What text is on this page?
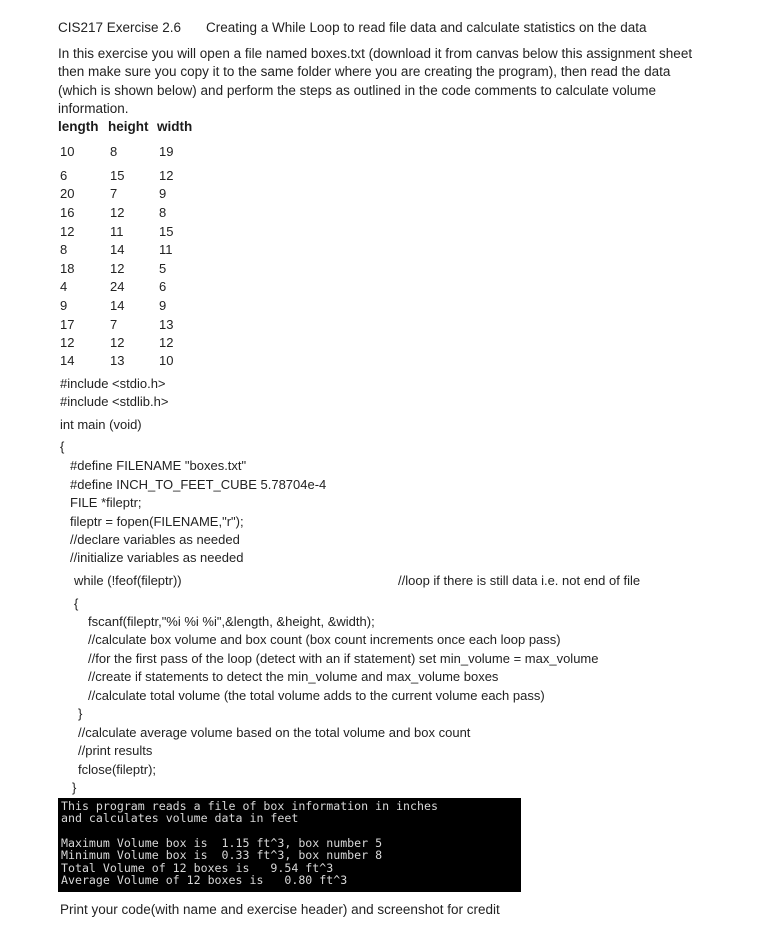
CIS217 Exercise 2.6 Creating a While Loop to read file data and calculate statistics on the data
In this exercise you will open a file named boxes.txt (download it from canvas below this assignment sheet then make sure you copy it to the same folder where you are creating the program), then read the data (which is shown below) and perform the steps as outlined in the code comments to calculate volume information.
length height width
10	8	19
6	15	12
20	7	9
16	12	8
12	11	15
8	14	11
18	12	5
4	24	6
9	14	9
17	7	13
12	12	12
14	13	10
#include <stdio.h>
#include <stdlib.h>
int main (void)
{
#define FILENAME "boxes.txt"
#define INCH_TO_FEET_CUBE 5.78704e-4
FILE *fileptr;
fileptr = fopen(FILENAME,"r");
//declare variables as needed
//initialize variables as needed
while (!feof(fileptr))	//loop if there is still data i.e. not end of file
{
fscanf(fileptr,"%i %i %i",&length, &height, &width);
//calculate box volume and box count (box count increments once each loop pass)
//for the first pass of the loop (detect with an if statement) set min_volume = max_volume
//create if statements to detect the min_volume and max_volume boxes
//calculate total volume (the total volume adds to the current volume each pass)
}
//calculate average volume based on the total volume and box count
//print results
fclose(fileptr);
}
This program reads a file of box information in inches
and calculates volume data in feet
Maximum Volume box is  1.15 ft^3, box number 5
Minimum Volume box is  0.33 ft^3, box number 8
Total Volume of 12 boxes is   9.54 ft^3
Average Volume of 12 boxes is   0.80 ft^3
Print your code(with name and exercise header) and screenshot for credit
